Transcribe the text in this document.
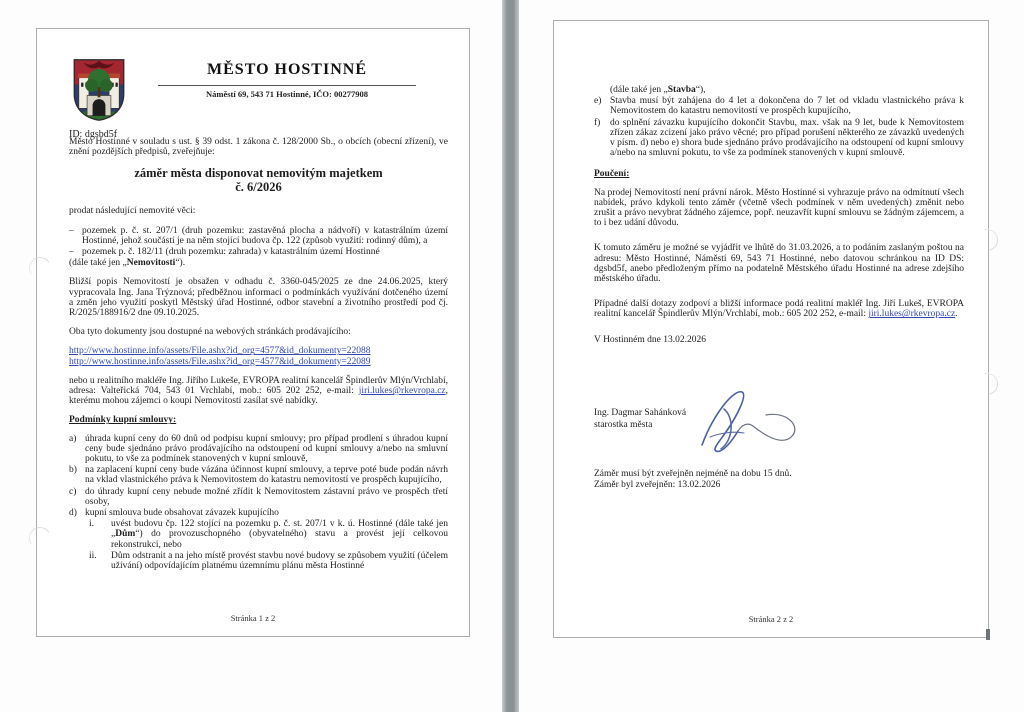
ID: dgsbd5f
MĚSTO HOSTINNÉ
Náměstí 69, 543 71 Hostinné, IČO: 00277908
Město Hostinné v souladu s ust. § 39 odst. 1 zákona č. 128/2000 Sb., o obcích (obecní zřízení), ve znění pozdějších předpisů, zveřejňuje:
záměr města disponovat nemovitým majetkem
č. 6/2026
prodat následující nemovité věci:
– pozemek p. č. st. 207/1 (druh pozemku: zastavěná plocha a nádvoří) v katastrálním území Hostinné, jehož součástí je na něm stojící budova čp. 122 (způsob využití: rodinný dům), a
– pozemek p. č. 182/11 (druh pozemku: zahrada) v katastrálním území Hostinné
(dále také jen „Nemovitosti“).
Bližší popis Nemovitostí je obsažen v odhadu č. 3360-045/2025 ze dne 24.06.2025, který vypracovala Ing. Jana Trýznová; předběžnou informaci o podmínkách využívání dotčeného území a změn jeho využití poskytl Městský úřad Hostinné, odbor stavební a životního prostředí pod čj. R/2025/188916/2 dne 09.10.2025.
Oba tyto dokumenty jsou dostupné na webových stránkách prodávajícího:
http://www.hostinne.info/assets/File.ashx?id_org=4577&id_dokumenty=22088
http://www.hostinne.info/assets/File.ashx?id_org=4577&id_dokumenty=22089
nebo u realitního makléře Ing. Jiřího Lukeše, EVROPA realitní kancelář Špindlerův Mlýn/Vrchlabí, adresa: Valteřická 704, 543 01 Vrchlabí, mob.: 605 202 252, e-mail: jiri.lukes@rkevropa.cz, kterému mohou zájemci o koupi Nemovitostí zasílat své nabídky.
Podmínky kupní smlouvy:
a) úhrada kupní ceny do 60 dnů od podpisu kupní smlouvy; pro případ prodlení s úhradou kupní ceny bude sjednáno právo prodávajícího na odstoupení od kupní smlouvy a/nebo na smluvní pokutu, to vše za podmínek stanovených v kupní smlouvě,
b) na zaplacení kupní ceny bude vázána účinnost kupní smlouvy, a teprve poté bude podán návrh na vklad vlastnického práva k Nemovitostem do katastru nemovitostí ve prospěch kupujícího,
c) do úhrady kupní ceny nebude možné zřídit k Nemovitostem zástavní právo ve prospěch třetí osoby,
d) kupní smlouva bude obsahovat závazek kupujícího
i.	uvést budovu čp. 122 stojící na pozemku p. č. st. 207/1 v k. ú. Hostinné (dále také jen „Dům“) do provozuschopného (obyvatelného) stavu a provést její celkovou rekonstrukci, nebo
ii.	Dům odstranit a na jeho místě provést stavbu nové budovy se způsobem využití (účelem užívání) odpovídajícím platnému územnímu plánu města Hostinné
Stránka 1 z 2
(dále také jen „Stavba“),
e) Stavba musí být zahájena do 4 let a dokončena do 7 let od vkladu vlastnického práva k Nemovitostem do katastru nemovitostí ve prospěch kupujícího,
f)	do splnění závazku kupujícího dokončit Stavbu, max. však na 9 let, bude k Nemovitostem zřízen zákaz zcizení jako právo věcné; pro případ porušení některého ze závazků uvedených v písm. d) nebo e) shora bude sjednáno právo prodávajícího na odstoupení od kupní smlouvy a/nebo na smluvní pokutu, to vše za podmínek stanovených v kupní smlouvě.
Poučení:
Na prodej Nemovitostí není právní nárok. Město Hostinné si vyhrazuje právo na odmítnutí všech nabídek, právo kdykoli tento záměr (včetně všech podmínek v něm uvedených) změnit nebo zrušit a právo nevybrat žádného zájemce, popř. neuzavřít kupní smlouvu se žádným zájemcem, a to i bez udání důvodu.
K tomuto záměru je možné se vyjádřit ve lhůtě do 31.03.2026, a to podáním zaslaným poštou na adresu: Město Hostinné, Náměstí 69, 543 71 Hostinné, nebo datovou schránkou na ID DS: dgsbd5f, anebo předloženým přímo na podatelně Městského úřadu Hostinné na adrese zdejšího městského úřadu.
Případné další dotazy zodpoví a bližší informace podá realitní makléř Ing. Jiří Lukeš, EVROPA realitní kancelář Špindlerův Mlýn/Vrchlabí, mob.: 605 202 252, e-mail: jiri.lukes@rkevropa.cz.
V Hostinném dne 13.02.2026
Ing. Dagmar Sahánková
starostka města
Záměr musí být zveřejněn nejméně na dobu 15 dnů.
Záměr byl zveřejněn: 13.02.2026
Stránka 2 z 2
